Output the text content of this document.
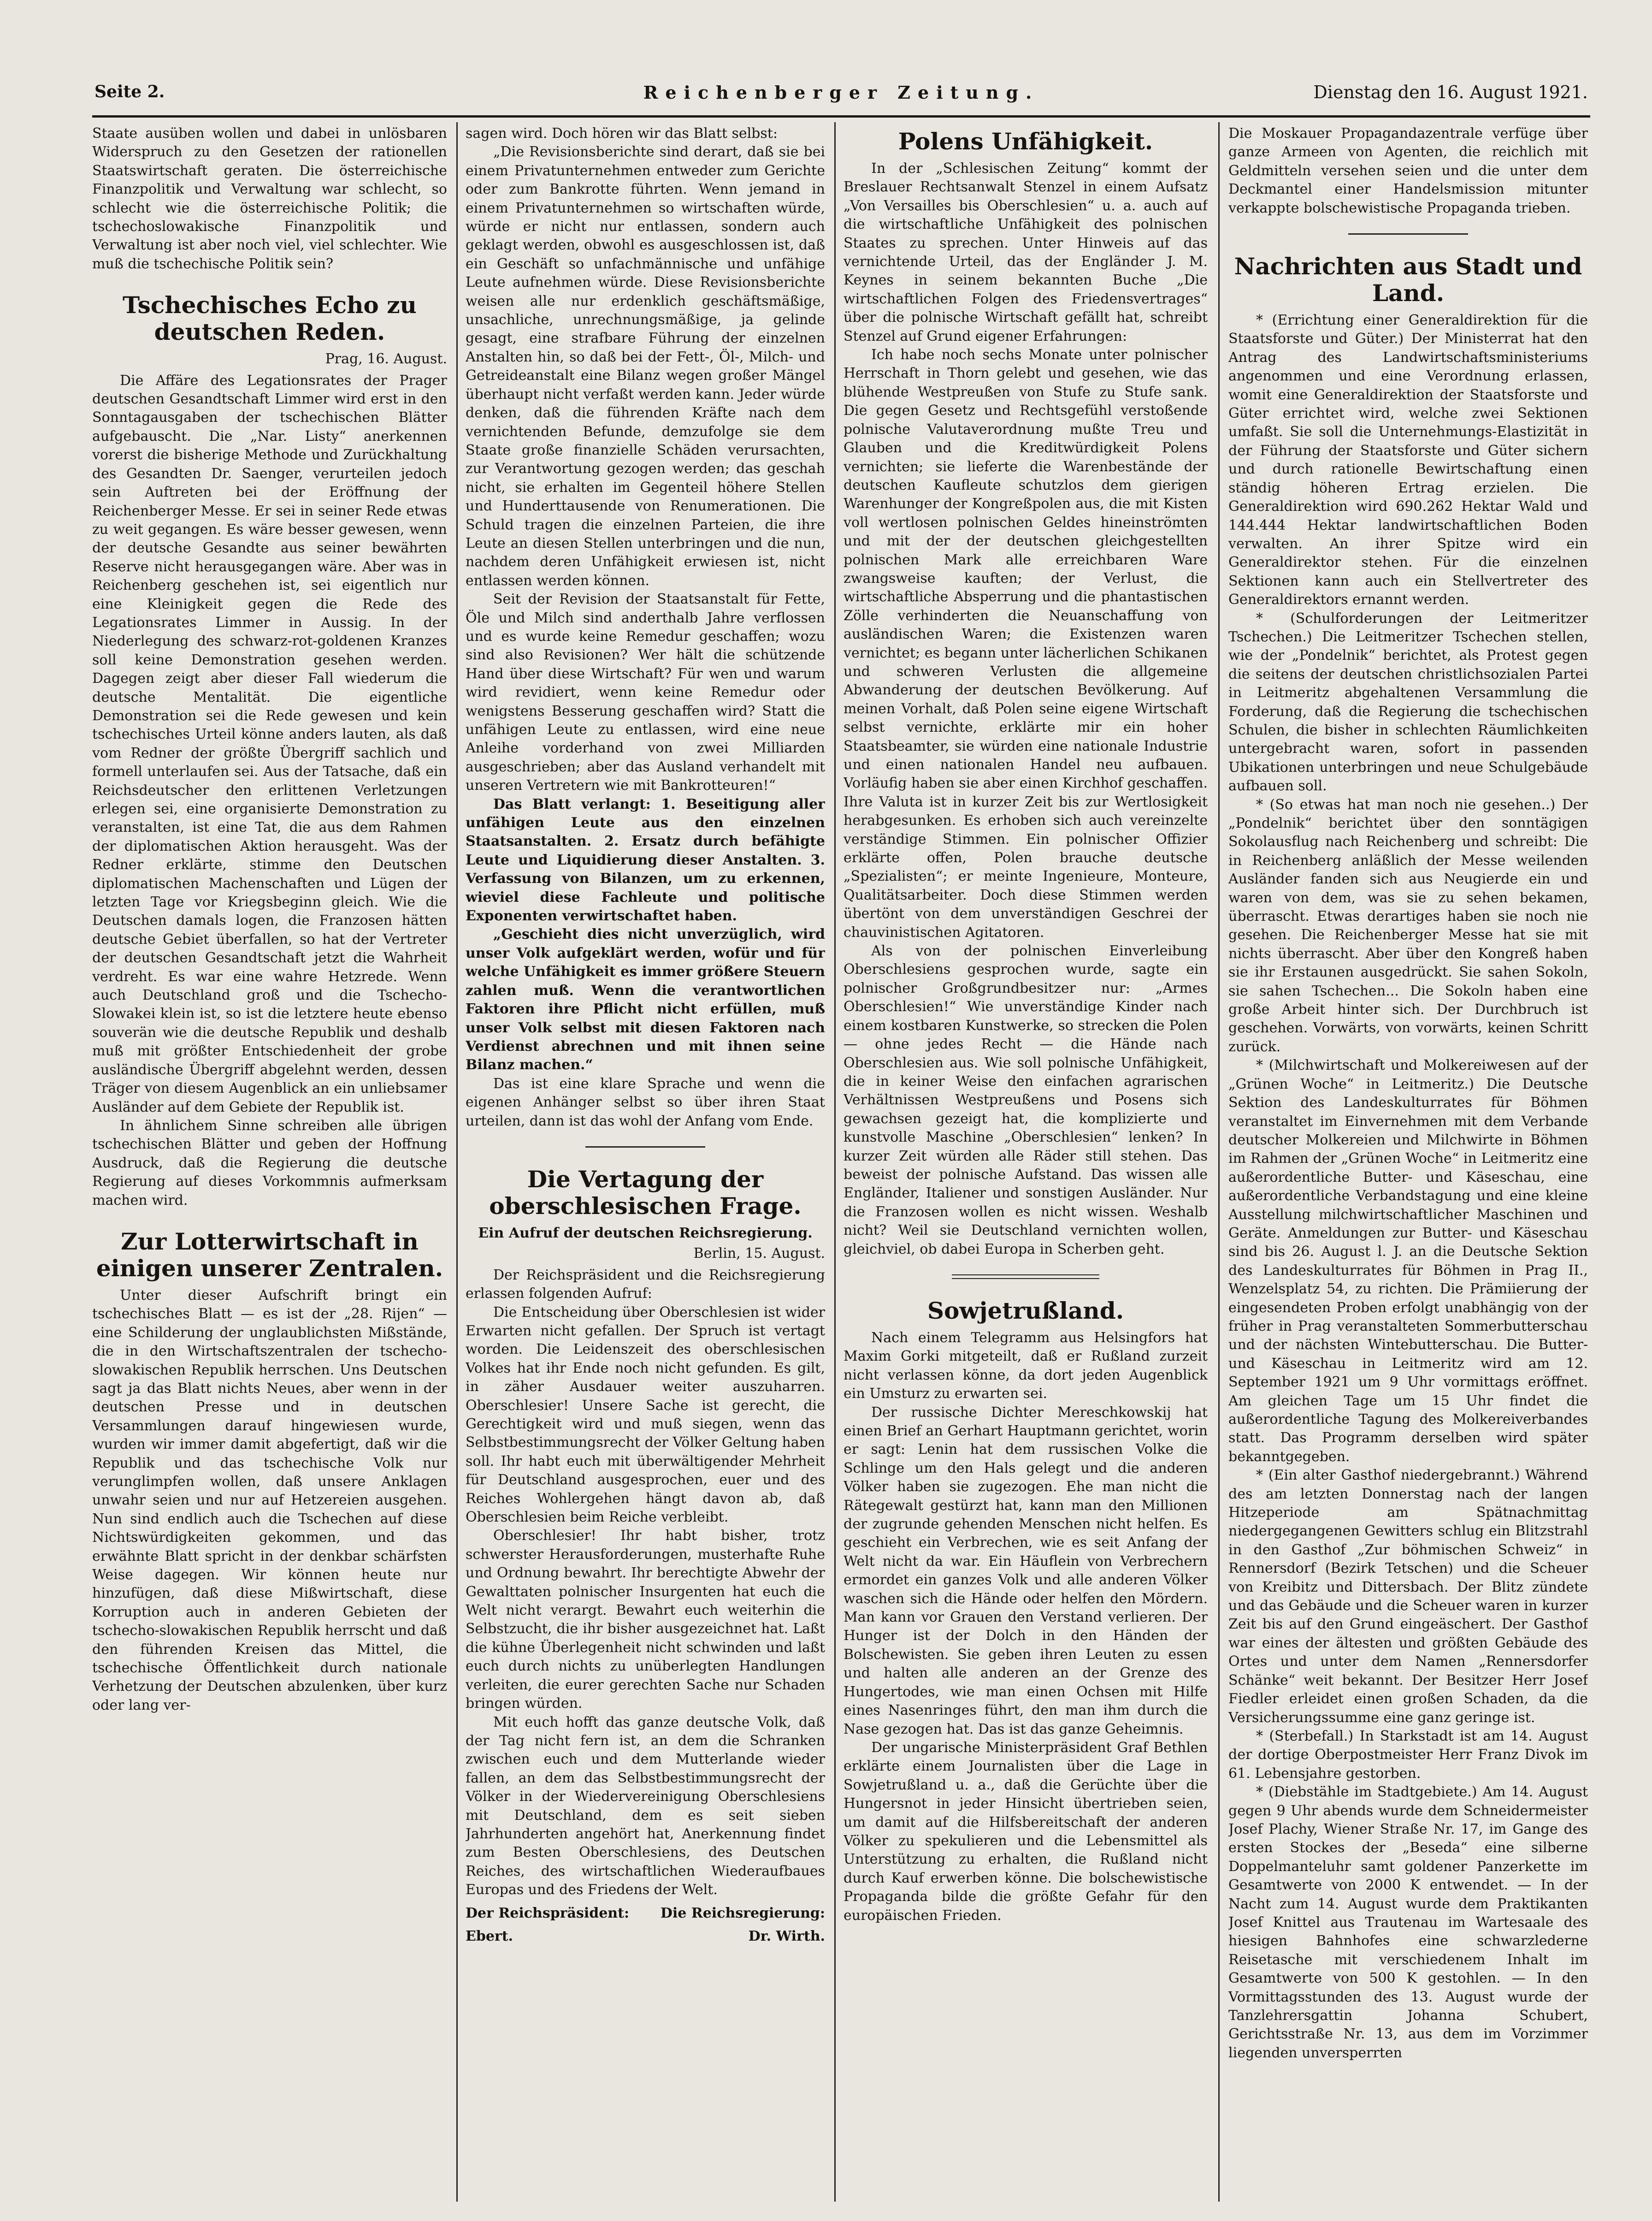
Seite 2.	Reichenberger Zeitung.	Dienstag den 16. August 1921.

Staate ausüben wollen und dabei in unlösbaren Widerspruch zu den Gesetzen der rationellen Staatswirtschaft geraten. Die österreichische Finanzpolitik und Verwaltung war schlecht, so schlecht wie die österreichische Politik; die tschechoslowakische Finanzpolitik und Verwaltung ist aber noch viel, viel schlechter. Wie muß die tschechische Politik sein?

Tschechisches Echo zu deutschen Reden.
Prag, 16. August.

Die Affäre des Legationsrates der Prager deutschen Gesandtschaft Limmer wird erst in den Sonntagausgaben der tschechischen Blätter aufgebauscht. Die „Nar. Listy“ anerkennen vorerst die bisherige Methode und Zurückhaltung des Gesandten Dr. Saenger, verurteilen jedoch sein Auftreten bei der Eröffnung der Reichenberger Messe. Er sei in seiner Rede etwas zu weit gegangen. Es wäre besser gewesen, wenn der deutsche Gesandte aus seiner bewährten Reserve nicht herausgegangen wäre. Aber was in Reichenberg geschehen ist, sei eigentlich nur eine Kleinigkeit gegen die Rede des Legationsrates Limmer in Aussig. In der Niederlegung des schwarz-rot-goldenen Kranzes soll keine Demonstration gesehen werden. Dagegen zeigt aber dieser Fall wiederum die deutsche Mentalität. Die eigentliche Demonstration sei die Rede gewesen und kein tschechisches Urteil könne anders lauten, als daß vom Redner der größte Übergriff sachlich und formell unterlaufen sei. Aus der Tatsache, daß ein Reichsdeutscher den erlittenen Verletzungen erlegen sei, eine organisierte Demonstration zu veranstalten, ist eine Tat, die aus dem Rahmen der diplomatischen Aktion herausgeht. Was der Redner erklärte, stimme den Deutschen diplomatischen Machenschaften und Lügen der letzten Tage vor Kriegsbeginn gleich. Wie die Deutschen damals logen, die Franzosen hätten deutsche Gebiet überfallen, so hat der Vertreter der deutschen Gesandtschaft jetzt die Wahrheit verdreht. Es war eine wahre Hetzrede. Wenn auch Deutschland groß und die Tschecho-Slowakei klein ist, so ist die letztere heute ebenso souverän wie die deutsche Republik und deshalb muß mit größter Entschiedenheit der grobe ausländische Übergriff abgelehnt werden, dessen Träger von diesem Augenblick an ein unliebsamer Ausländer auf dem Gebiete der Republik ist.

In ähnlichem Sinne schreiben alle übrigen tschechischen Blätter und geben der Hoffnung Ausdruck, daß die Regierung die deutsche Regierung auf dieses Vorkommnis aufmerksam machen wird.

Zur Lotterwirtschaft in einigen unserer Zentralen.

Unter dieser Aufschrift bringt ein tschechisches Blatt — es ist der „28. Rijen“ — eine Schilderung der unglaublichsten Mißstände, die in den Wirtschaftszentralen der tschecho-slowakischen Republik herrschen. Uns Deutschen sagt ja das Blatt nichts Neues, aber wenn in der deutschen Presse und in deutschen Versammlungen darauf hingewiesen wurde, wurden wir immer damit abgefertigt, daß wir die Republik und das tschechische Volk nur verunglimpfen wollen, daß unsere Anklagen unwahr seien und nur auf Hetzereien ausgehen. Nun sind endlich auch die Tschechen auf diese Nichtswürdigkeiten gekommen, und das erwähnte Blatt spricht in der denkbar schärfsten Weise dagegen. Wir können heute nur hinzufügen, daß diese Mißwirtschaft, diese Korruption auch in anderen Gebieten der tschecho-slowakischen Republik herrscht und daß den führenden Kreisen das Mittel, die tschechische Öffentlichkeit durch nationale Verhetzung der Deutschen abzulenken, über kurz oder lang ver-

sagen wird. Doch hören wir das Blatt selbst:

„Die Revisionsberichte sind derart, daß sie bei einem Privatunternehmen entweder zum Gerichte oder zum Bankrotte führten. Wenn jemand in einem Privatunternehmen so wirtschaften würde, würde er nicht nur entlassen, sondern auch geklagt werden, obwohl es ausgeschlossen ist, daß ein Geschäft so unfachmännische und unfähige Leute aufnehmen würde. Diese Revisionsberichte weisen alle nur erdenklich geschäftsmäßige, unsachliche, unrechnungsmäßige, ja gelinde gesagt, eine strafbare Führung der einzelnen Anstalten hin, so daß bei der Fett-, Öl-, Milch- und Getreideanstalt eine Bilanz wegen großer Mängel überhaupt nicht verfaßt werden kann. Jeder würde denken, daß die führenden Kräfte nach dem vernichtenden Befunde, demzufolge sie dem Staate große finanzielle Schäden verursachten, zur Verantwortung gezogen werden; das geschah nicht, sie erhalten im Gegenteil höhere Stellen und Hunderttausende von Renumerationen. Die Schuld tragen die einzelnen Parteien, die ihre Leute an diesen Stellen unterbringen und die nun, nachdem deren Unfähigkeit erwiesen ist, nicht entlassen werden können.

Seit der Revision der Staatsanstalt für Fette, Öle und Milch sind anderthalb Jahre verflossen und es wurde keine Remedur geschaffen; wozu sind also Revisionen? Wer hält die schützende Hand über diese Wirtschaft? Für wen und warum wird revidiert, wenn keine Remedur oder wenigstens Besserung geschaffen wird? Statt die unfähigen Leute zu entlassen, wird eine neue Anleihe vorderhand von zwei Milliarden ausgeschrieben; aber das Ausland verhandelt mit unseren Vertretern wie mit Bankrotteuren!“

Das Blatt verlangt: 1. Beseitigung aller unfähigen Leute aus den einzelnen Staatsanstalten. 2. Ersatz durch befähigte Leute und Liquidierung dieser Anstalten. 3. Verfassung von Bilanzen, um zu erkennen, wieviel diese Fachleute und politische Exponenten verwirtschaftet haben.

„Geschieht dies nicht unverzüglich, wird unser Volk aufgeklärt werden, wofür und für welche Unfähigkeit es immer größere Steuern zahlen muß. Wenn die verantwortlichen Faktoren ihre Pflicht nicht erfüllen, muß unser Volk selbst mit diesen Faktoren nach Verdienst abrechnen und mit ihnen seine Bilanz machen.“

Das ist eine klare Sprache und wenn die eigenen Anhänger selbst so über ihren Staat urteilen, dann ist das wohl der Anfang vom Ende.

Die Vertagung der oberschlesischen Frage.
Ein Aufruf der deutschen Reichsregierung.
Berlin, 15. August.

Der Reichspräsident und die Reichsregierung erlassen folgenden Aufruf:

Die Entscheidung über Oberschlesien ist wider Erwarten nicht gefallen. Der Spruch ist vertagt worden. Die Leidenszeit des oberschlesischen Volkes hat ihr Ende noch nicht gefunden. Es gilt, in zäher Ausdauer weiter auszuharren. Oberschlesier! Unsere Sache ist gerecht, die Gerechtigkeit wird und muß siegen, wenn das Selbstbestimmungsrecht der Völker Geltung haben soll. Ihr habt euch mit überwältigender Mehrheit für Deutschland ausgesprochen, euer und des Reiches Wohlergehen hängt davon ab, daß Oberschlesien beim Reiche verbleibt.

Oberschlesier! Ihr habt bisher, trotz schwerster Herausforderungen, musterhafte Ruhe und Ordnung bewahrt. Ihr berechtigte Abwehr der Gewalttaten polnischer Insurgenten hat euch die Welt nicht verargt. Bewahrt euch weiterhin die Selbstzucht, die ihr bisher ausgezeichnet hat. Laßt die kühne Überlegenheit nicht schwinden und laßt euch durch nichts zu unüberlegten Handlungen verleiten, die eurer gerechten Sache nur Schaden bringen würden.

Mit euch hofft das ganze deutsche Volk, daß der Tag nicht fern ist, an dem die Schranken zwischen euch und dem Mutterlande wieder fallen, an dem das Selbstbestimmungsrecht der Völker in der Wiedervereinigung Oberschlesiens mit Deutschland, dem es seit sieben Jahrhunderten angehört hat, Anerkennung findet zum Besten Oberschlesiens, des Deutschen Reiches, des wirtschaftlichen Wiederaufbaues Europas und des Friedens der Welt.

Der Reichspräsident: Die Reichsregierung:
Ebert.	Dr. Wirth.
Polens Unfähigkeit.

In der „Schlesischen Zeitung“ kommt der Breslauer Rechtsanwalt Stenzel in einem Aufsatz „Von Versailles bis Oberschlesien“ u. a. auch auf die wirtschaftliche Unfähigkeit des polnischen Staates zu sprechen. Unter Hinweis auf das vernichtende Urteil, das der Engländer J. M. Keynes in seinem bekannten Buche „Die wirtschaftlichen Folgen des Friedensvertrages“ über die polnische Wirtschaft gefällt hat, schreibt Stenzel auf Grund eigener Erfahrungen:

Ich habe noch sechs Monate unter polnischer Herrschaft in Thorn gelebt und gesehen, wie das blühende Westpreußen von Stufe zu Stufe sank. Die gegen Gesetz und Rechtsgefühl verstoßende polnische Valutaverordnung mußte Treu und Glauben und die Kreditwürdigkeit Polens vernichten; sie lieferte die Warenbestände der deutschen Kaufleute schutzlos dem gierigen Warenhunger der Kongreßpolen aus, die mit Kisten voll wertlosen polnischen Geldes hineinströmten und mit der der deutschen gleichgestellten polnischen Mark alle erreichbaren Ware zwangsweise kauften; der Verlust, die wirtschaftliche Absperrung und die phantastischen Zölle verhinderten die Neuanschaffung von ausländischen Waren; die Existenzen waren vernichtet; es begann unter lächerlichen Schikanen und schweren Verlusten die allgemeine Abwanderung der deutschen Bevölkerung. Auf meinen Vorhalt, daß Polen seine eigene Wirtschaft selbst vernichte, erklärte mir ein hoher Staatsbeamter, sie würden eine nationale Industrie und einen nationalen Handel neu aufbauen. Vorläufig haben sie aber einen Kirchhof geschaffen. Ihre Valuta ist in kurzer Zeit bis zur Wertlosigkeit herabgesunken. Es erhoben sich auch vereinzelte verständige Stimmen. Ein polnischer Offizier erklärte offen, Polen brauche deutsche „Spezialisten“; er meinte Ingenieure, Monteure, Qualitätsarbeiter. Doch diese Stimmen werden übertönt von dem unverständigen Geschrei der chauvinistischen Agitatoren.

Als von der polnischen Einverleibung Oberschlesiens gesprochen wurde, sagte ein polnischer Großgrundbesitzer nur: „Armes Oberschlesien!“ Wie unverständige Kinder nach einem kostbaren Kunstwerke, so strecken die Polen — ohne jedes Recht — die Hände nach Oberschlesien aus. Wie soll polnische Unfähigkeit, die in keiner Weise den einfachen agrarischen Verhältnissen Westpreußens und Posens sich gewachsen gezeigt hat, die komplizierte und kunstvolle Maschine „Oberschlesien“ lenken? In kurzer Zeit würden alle Räder still stehen. Das beweist der polnische Aufstand. Das wissen alle Engländer, Italiener und sonstigen Ausländer. Nur die Franzosen wollen es nicht wissen. Weshalb nicht? Weil sie Deutschland vernichten wollen, gleichviel, ob dabei Europa in Scherben geht.

Sowjetrußland.

Nach einem Telegramm aus Helsingfors hat Maxim Gorki mitgeteilt, daß er Rußland zurzeit nicht verlassen könne, da dort jeden Augenblick ein Umsturz zu erwarten sei.

Der russische Dichter Mereschkowskij hat einen Brief an Gerhart Hauptmann gerichtet, worin er sagt: Lenin hat dem russischen Volke die Schlinge um den Hals gelegt und die anderen Völker haben sie zugezogen. Ehe man nicht die Rätegewalt gestürzt hat, kann man den Millionen der zugrunde gehenden Menschen nicht helfen. Es geschieht ein Verbrechen, wie es seit Anfang der Welt nicht da war. Ein Häuflein von Verbrechern ermordet ein ganzes Volk und alle anderen Völker waschen sich die Hände oder helfen den Mördern. Man kann vor Grauen den Verstand verlieren. Der Hunger ist der Dolch in den Händen der Bolschewisten. Sie geben ihren Leuten zu essen und halten alle anderen an der Grenze des Hungertodes, wie man einen Ochsen mit Hilfe eines Nasenringes führt, den man ihm durch die Nase gezogen hat. Das ist das ganze Geheimnis.

Der ungarische Ministerpräsident Graf Bethlen erklärte einem Journalisten über die Lage in Sowjetrußland u. a., daß die Gerüchte über die Hungersnot in jeder Hinsicht übertrieben seien, um damit auf die Hilfsbereitschaft der anderen Völker zu spekulieren und die Lebensmittel als Unterstützung zu erhalten, die Rußland nicht durch Kauf erwerben könne. Die bolschewistische Propaganda bilde die größte Gefahr für den europäischen Frieden.

Die Moskauer Propagandazentrale verfüge über ganze Armeen von Agenten, die reichlich mit Geldmitteln versehen seien und die unter dem Deckmantel einer Handelsmission mitunter verkappte bolschewistische Propaganda trieben.

Nachrichten aus Stadt und Land.

* (Errichtung einer Generaldirektion für die Staatsforste und Güter.) Der Ministerrat hat den Antrag des Landwirtschaftsministeriums angenommen und eine Verordnung erlassen, womit eine Generaldirektion der Staatsforste und Güter errichtet wird, welche zwei Sektionen umfaßt. Sie soll die Unternehmungs-Elastizität in der Führung der Staatsforste und Güter sichern und durch rationelle Bewirtschaftung einen ständig höheren Ertrag erzielen. Die Generaldirektion wird 690.262 Hektar Wald und 144.444 Hektar landwirtschaftlichen Boden verwalten. An ihrer Spitze wird ein Generaldirektor stehen. Für die einzelnen Sektionen kann auch ein Stellvertreter des Generaldirektors ernannt werden.

* (Schulforderungen der Leitmeritzer Tschechen.) Die Leitmeritzer Tschechen stellen, wie der „Pondelnik“ berichtet, als Protest gegen die seitens der deutschen christlichsozialen Partei in Leitmeritz abgehaltenen Versammlung die Forderung, daß die Regierung die tschechischen Schulen, die bisher in schlechten Räumlichkeiten untergebracht waren, sofort in passenden Ubikationen unterbringen und neue Schulgebäude aufbauen soll.

* (So etwas hat man noch nie gesehen..) Der „Pondelnik“ berichtet über den sonntägigen Sokolausflug nach Reichenberg und schreibt: Die in Reichenberg anläßlich der Messe weilenden Ausländer fanden sich aus Neugierde ein und waren von dem, was sie zu sehen bekamen, überrascht. Etwas derartiges haben sie noch nie gesehen. Die Reichenberger Messe hat sie mit nichts überrascht. Aber über den Kongreß haben sie ihr Erstaunen ausgedrückt. Sie sahen Sokoln, sie sahen Tschechen... Die Sokoln haben eine große Arbeit hinter sich. Der Durchbruch ist geschehen. Vorwärts, von vorwärts, keinen Schritt zurück.

* (Milchwirtschaft und Molkereiwesen auf der „Grünen Woche“ in Leitmeritz.) Die Deutsche Sektion des Landeskulturrates für Böhmen veranstaltet im Einvernehmen mit dem Verbande deutscher Molkereien und Milchwirte in Böhmen im Rahmen der „Grünen Woche“ in Leitmeritz eine außerordentliche Butter- und Käseschau, eine außerordentliche Verbandstagung und eine kleine Ausstellung milchwirtschaftlicher Maschinen und Geräte. Anmeldungen zur Butter- und Käseschau sind bis 26. August l. J. an die Deutsche Sektion des Landeskulturrates für Böhmen in Prag II., Wenzelsplatz 54, zu richten. Die Prämiierung der eingesendeten Proben erfolgt unabhängig von der früher in Prag veranstalteten Sommerbutterschau und der nächsten Wintebutterschau. Die Butter- und Käseschau in Leitmeritz wird am 12. September 1921 um 9 Uhr vormittags eröffnet. Am gleichen Tage um 15 Uhr findet die außerordentliche Tagung des Molkereiverbandes statt. Das Programm derselben wird später bekanntgegeben.

* (Ein alter Gasthof niedergebrannt.) Während des am letzten Donnerstag nach der langen Hitzeperiode am Spätnachmittag niedergegangenen Gewitters schlug ein Blitzstrahl in den Gasthof „Zur böhmischen Schweiz“ in Rennersdorf (Bezirk Tetschen) und die Scheuer von Kreibitz und Dittersbach. Der Blitz zündete und das Gebäude und die Scheuer waren in kurzer Zeit bis auf den Grund eingeäschert. Der Gasthof war eines der ältesten und größten Gebäude des Ortes und unter dem Namen „Rennersdorfer Schänke“ weit bekannt. Der Besitzer Herr Josef Fiedler erleidet einen großen Schaden, da die Versicherungssumme eine ganz geringe ist.

* (Sterbefall.) In Starkstadt ist am 14. August der dortige Oberpostmeister Herr Franz Divok im 61. Lebensjahre gestorben.

* (Diebstähle im Stadtgebiete.) Am 14. August gegen 9 Uhr abends wurde dem Schneidermeister Josef Plachy, Wiener Straße Nr. 17, im Gange des ersten Stockes der „Beseda“ eine silberne Doppelmanteluhr samt goldener Panzerkette im Gesamtwerte von 2000 K entwendet. — In der Nacht zum 14. August wurde dem Praktikanten Josef Knittel aus Trautenau im Wartesaale des hiesigen Bahnhofes eine schwarzlederne Reisetasche mit verschiedenem Inhalt im Gesamtwerte von 500 K gestohlen. — In den Vormittagsstunden des 13. August wurde der Tanzlehrersgattin Johanna Schubert, Gerichtsstraße Nr. 13, aus dem im Vorzimmer liegenden unversperrten
